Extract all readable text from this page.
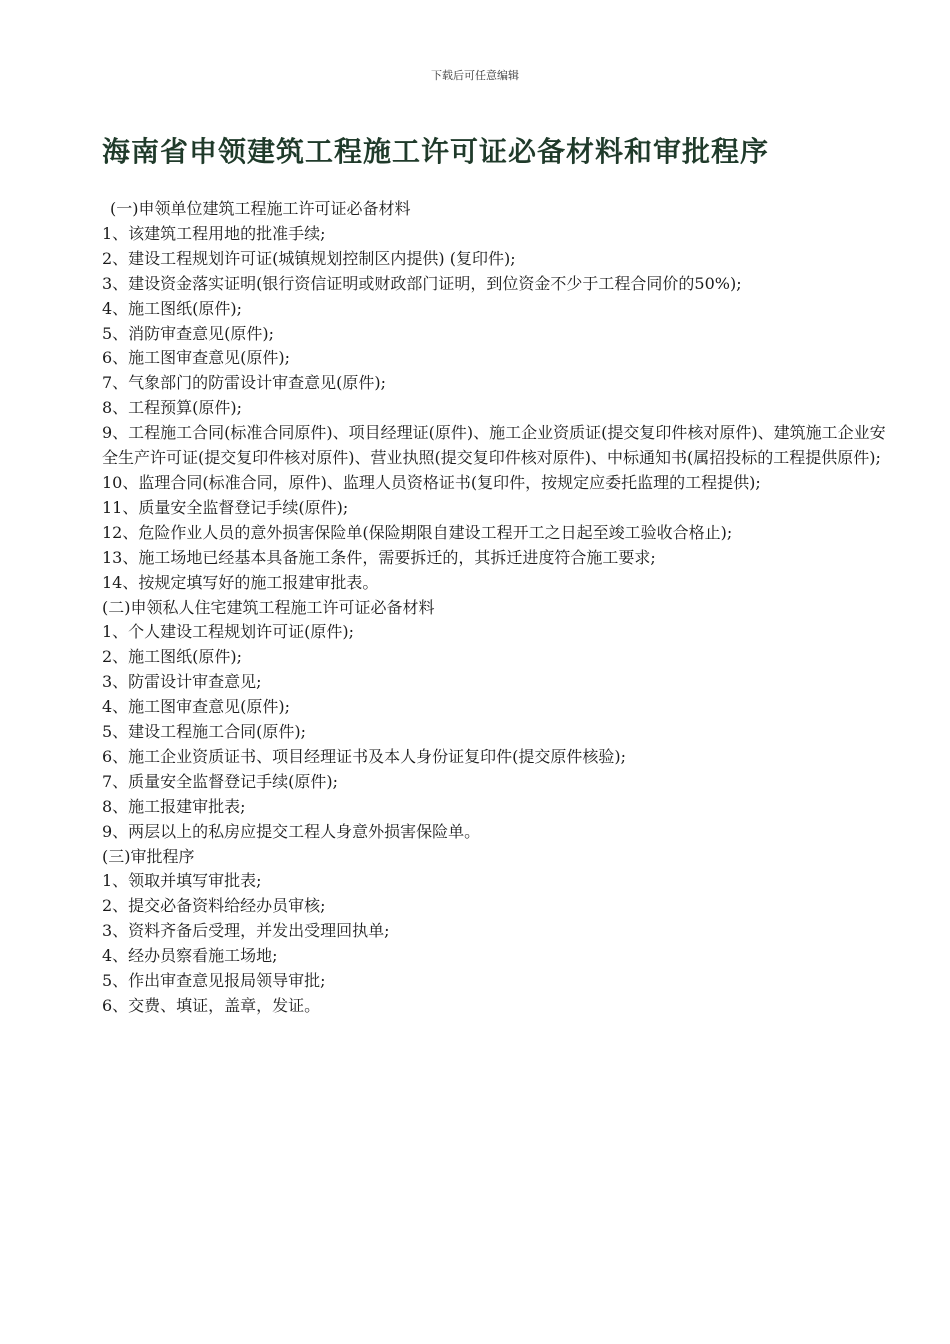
下载后可任意编辑
海南省申领建筑工程施工许可证必备材料和审批程序

(一)申领单位建筑工程施工许可证必备材料

1、该建筑工程用地的批准手续;

2、建设工程规划许可证(城镇规划控制区内提供) (复印件);

3、建设资金落实证明(银行资信证明或财政部门证明，到位资金不少于工程合同价的50%);

4、施工图纸(原件);

5、消防审查意见(原件);

6、施工图审查意见(原件);

7、气象部门的防雷设计审查意见(原件);

8、工程预算(原件);

9、工程施工合同(标准合同原件)、项目经理证(原件)、施工企业资质证(提交复印件核对原件)、建筑施工企业安全生产许可证(提交复印件核对原件)、营业执照(提交复印件核对原件)、中标通知书(属招投标的工程提供原件);

10、监理合同(标准合同，原件)、监理人员资格证书(复印件，按规定应委托监理的工程提供);

11、质量安全监督登记手续(原件);

12、危险作业人员的意外损害保险单(保险期限自建设工程开工之日起至竣工验收合格止);

13、施工场地已经基本具备施工条件，需要拆迁的，其拆迁进度符合施工要求;

14、按规定填写好的施工报建审批表。

(二)申领私人住宅建筑工程施工许可证必备材料

1、个人建设工程规划许可证(原件);

2、施工图纸(原件);

3、防雷设计审查意见;

4、施工图审查意见(原件);

5、建设工程施工合同(原件);

6、施工企业资质证书、项目经理证书及本人身份证复印件(提交原件核验);

7、质量安全监督登记手续(原件);

8、施工报建审批表;

9、两层以上的私房应提交工程人身意外损害保险单。

(三)审批程序

1、领取并填写审批表;

2、提交必备资料给经办员审核;

3、资料齐备后受理，并发出受理回执单;

4、经办员察看施工场地;

5、作出审查意见报局领导审批;

6、交费、填证，盖章，发证。
